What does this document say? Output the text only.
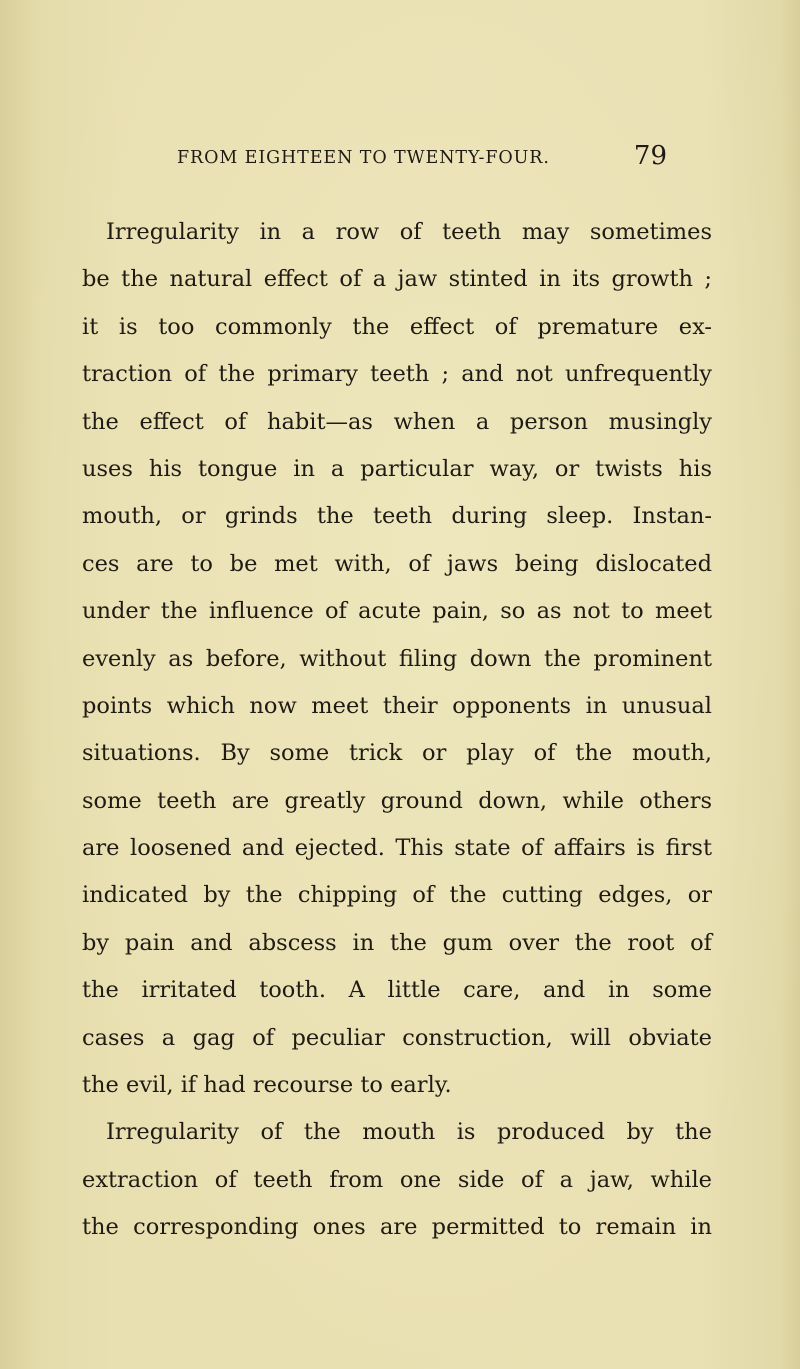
FROM EIGHTEEN TO TWENTY-FOUR.	79
Irregularity in a row of teeth may sometimes
be the natural effect of a jaw stinted in its growth ;
it is too commonly the effect of premature ex-
traction of the primary teeth ; and not unfrequently
the effect of habit—as when a person musingly
uses his tongue in a particular way, or twists his
mouth, or grinds the teeth during sleep. Instan-
ces are to be met with, of jaws being dislocated
under the influence of acute pain, so as not to meet
evenly as before, without filing down the prominent
points which now meet their opponents in unusual
situations. By some trick or play of the mouth,
some teeth are greatly ground down, while others
are loosened and ejected. This state of affairs is first
indicated by the chipping of the cutting edges, or
by pain and abscess in the gum over the root of
the irritated tooth. A little care, and in some
cases a gag of peculiar construction, will obviate
the evil, if had recourse to early.
Irregularity of the mouth is produced by the
extraction of teeth from one side of a jaw, while
the corresponding ones are permitted to remain in
